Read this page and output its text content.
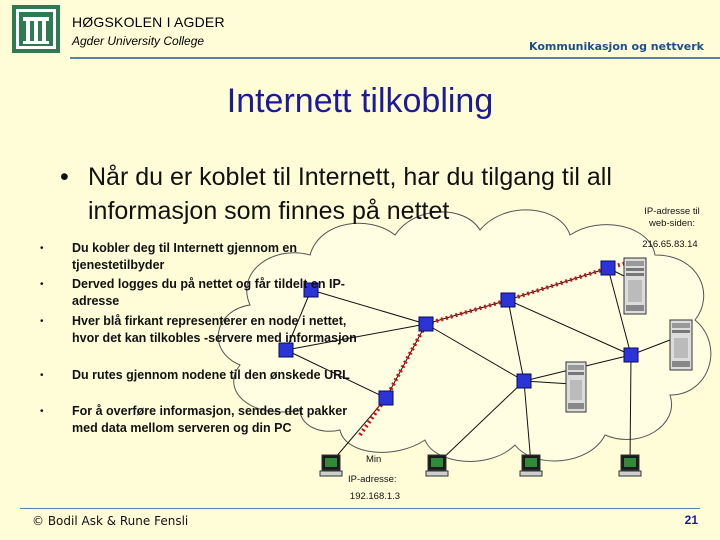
HØGSKOLEN I AGDER
Agder University College	Kommunikasjon og nettverk
Internett tilkobling
• Når du er koblet til Internett, har du tilgang til all informasjon som finnes på nettet
• Du kobler deg til Internett gjennom en tjenestetilbyder
• Derved logges du på nettet og får tildelt en IP-adresse
• Hver blå firkant representerer en node i nettet, hvor det kan tilkobles -servere med informasjon
• Du rutes gjennom nodene til den ønskede URL
• For å overføre informasjon, sendes det pakker med data mellom serveren og din PC
IP-adresse til
web-siden:
216.65.83.14
Min
IP-adresse:
192.168.1.3
© Bodil Ask & Rune Fensli	21
